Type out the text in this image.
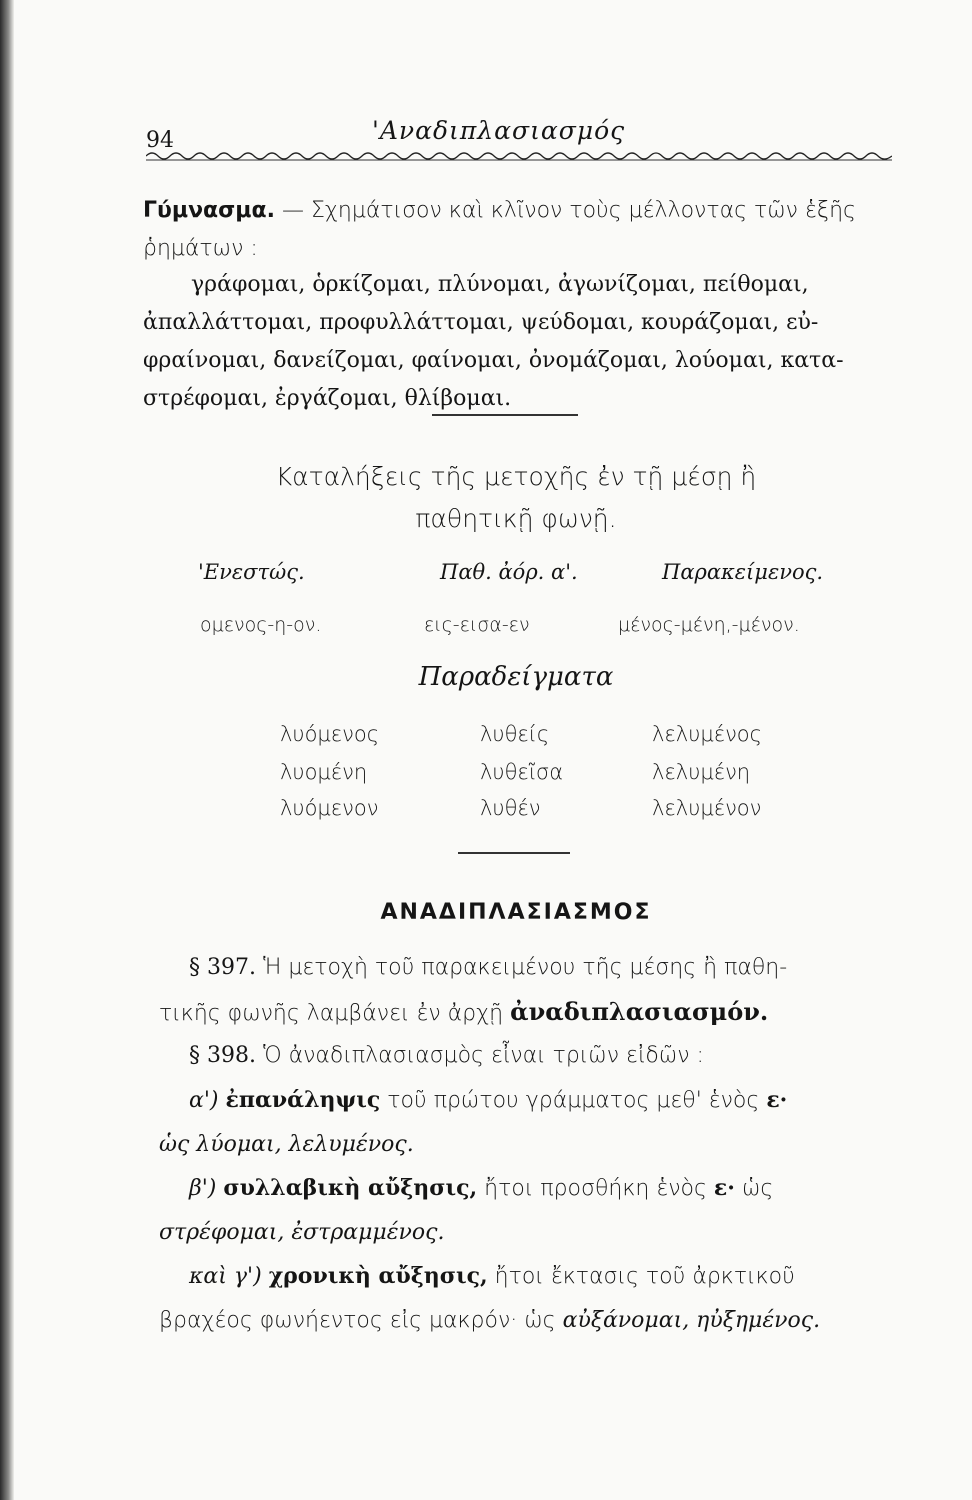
94	'Αναδιπλασιασμός
Γύμνασμα. — Σχημάτισον καὶ κλῖνον τοὺς μέλλοντας τῶν ἑξῆς ῥημάτων :
γράφομαι, ὁρκίζομαι, πλύνομαι, ἀγωνίζομαι, πείθομαι,
ἀπαλλάττομαι, προφυλλάττομαι, ψεύδομαι, κουράζομαι, εὐ-
φραίνομαι, δανείζομαι, φαίνομαι, ὀνομάζομαι, λούομαι, κατα-
στρέφομαι, ἐργάζομαι, θλίβομαι.
Καταλήξεις τῆς μετοχῆς ἐν τῇ μέσῃ ἢ
παθητικῇ φωνῇ.
'Ενεστώς.	Παθ. ἀόρ. α'.	Παρακείμενος.
ομενος-η-ον.	εις-εισα-εν	μένος-μένη,-μένον.
Παραδείγματα
λυόμενος	λυθείς	λελυμένος
λυομένη	λυθεῖσα	λελυμένη
λυόμενον	λυθέν	λελυμένον
ΑΝΑΔΙΠΛΑΣΙΑΣΜΟΣ
§ 397. Ἡ μετοχὴ τοῦ παρακειμένου τῆς μέσης ἢ παθη-
τικῆς φωνῆς λαμβάνει ἐν ἀρχῇ ἀναδιπλασιασμόν.
§ 398. Ὁ ἀναδιπλασιασμὸς εἶναι τριῶν εἰδῶν :
α') ἐπανάληψις τοῦ πρώτου γράμματος μεθ' ἑνὸς ε·
ὡς λύομαι, λελυμένος.
β') συλλαβικὴ αὔξησις, ἤτοι προσθήκη ἑνὸς ε· ὡς
στρέφομαι, ἐστραμμένος.
καὶ γ') χρονικὴ αὔξησις, ἤτοι ἔκτασις τοῦ ἀρκτικοῦ
βραχέος φωνήεντος εἰς μακρόν· ὡς αὐξάνομαι, ηὐξημένος.
